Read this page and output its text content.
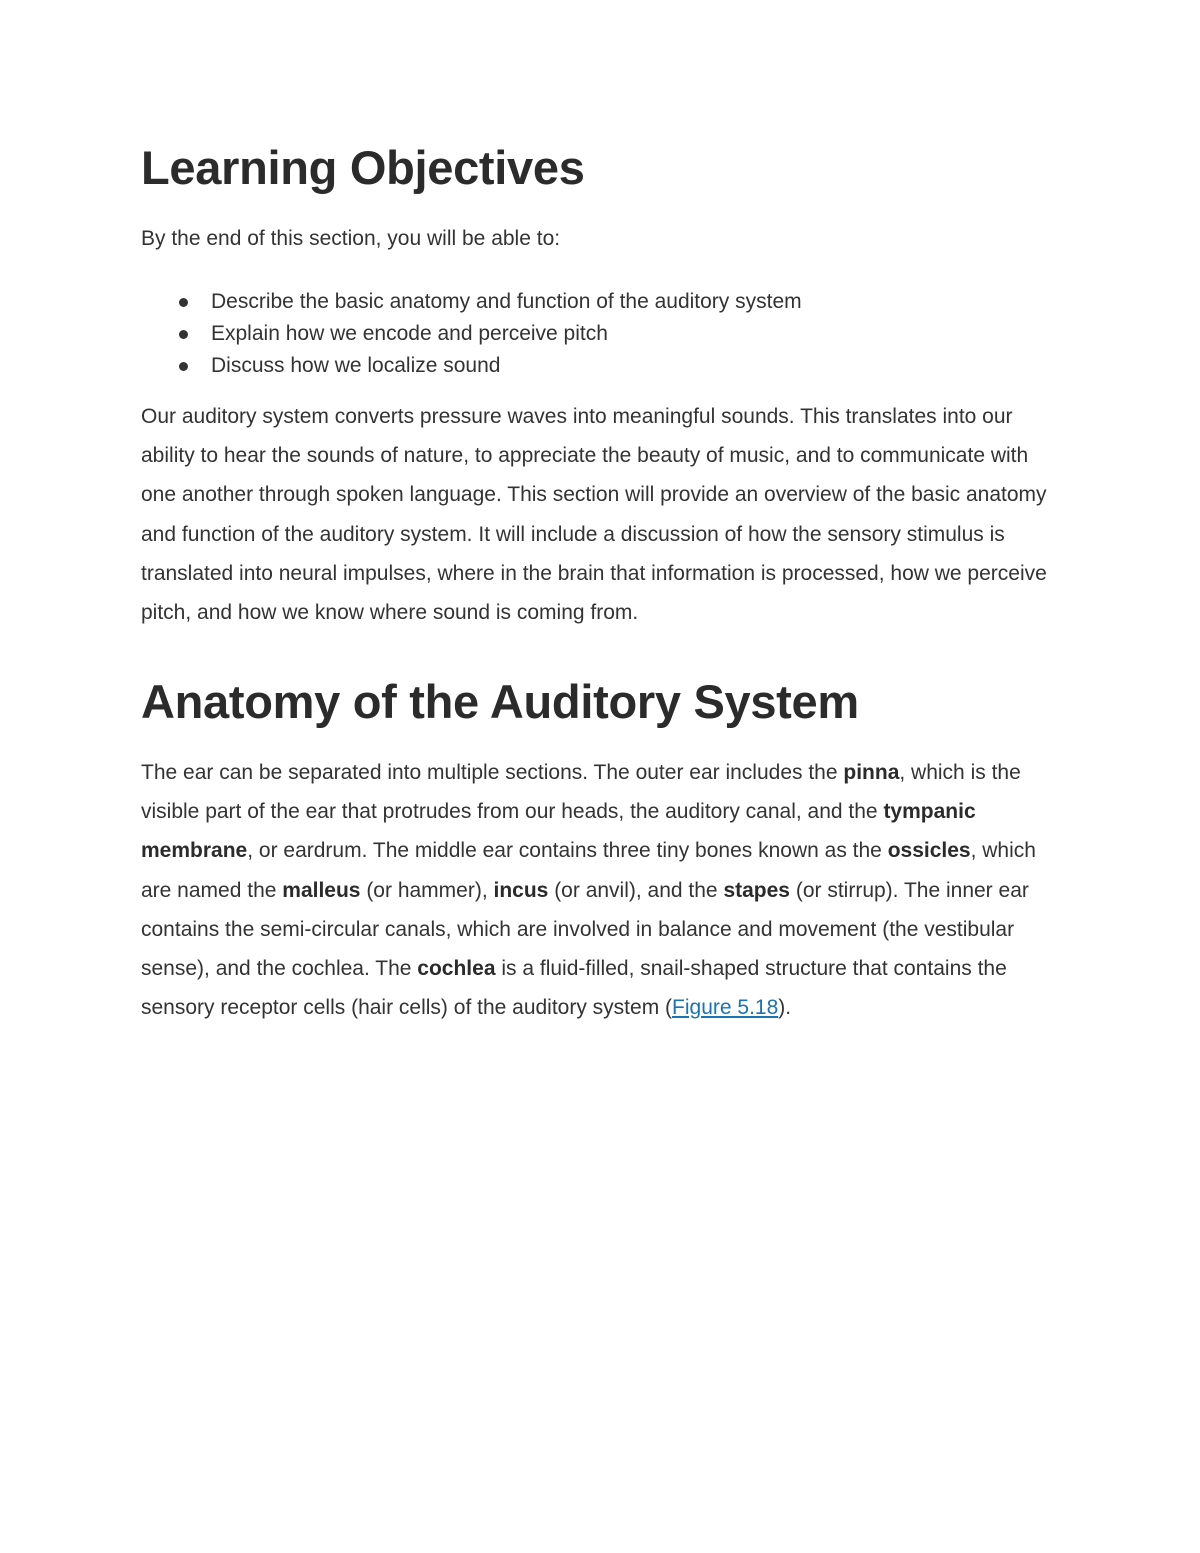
Learning Objectives

By the end of this section, you will be able to:

Describe the basic anatomy and function of the auditory system
Explain how we encode and perceive pitch
Discuss how we localize sound

Our auditory system converts pressure waves into meaningful sounds. This translates into our ability to hear the sounds of nature, to appreciate the beauty of music, and to communicate with one another through spoken language. This section will provide an overview of the basic anatomy and function of the auditory system. It will include a discussion of how the sensory stimulus is translated into neural impulses, where in the brain that information is processed, how we perceive pitch, and how we know where sound is coming from.

Anatomy of the Auditory System

The ear can be separated into multiple sections. The outer ear includes the pinna, which is the visible part of the ear that protrudes from our heads, the auditory canal, and the tympanic membrane, or eardrum. The middle ear contains three tiny bones known as the ossicles, which are named the malleus (or hammer), incus (or anvil), and the stapes (or stirrup). The inner ear contains the semi-circular canals, which are involved in balance and movement (the vestibular sense), and the cochlea. The cochlea is a fluid-filled, snail-shaped structure that contains the sensory receptor cells (hair cells) of the auditory system (Figure 5.18).
